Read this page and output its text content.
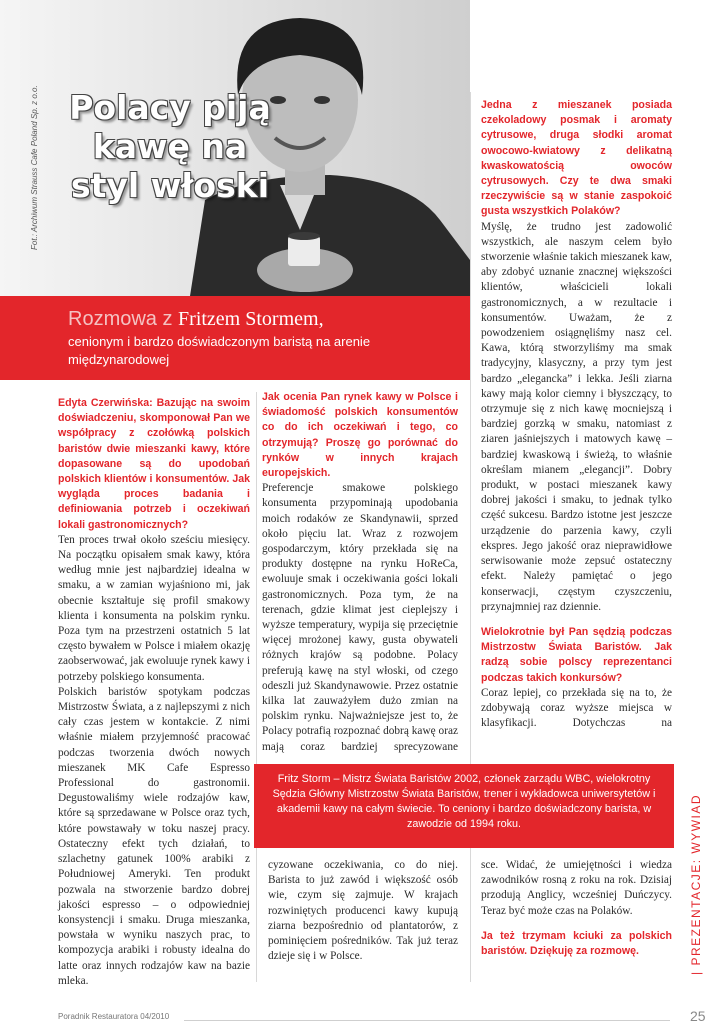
Fot.: Archiwum Strauss Cafe Poland Sp. z o.o. Polacy piją
kawę na
styl włoski
Rozmowa z Fritzem Stormem,
cenionym i bardzo doświadczonym baristą na arenie międzynarodowej

Edyta Czerwińska: Bazując na swoim doświadczeniu, skomponował Pan we współpracy z czołówką polskich baristów dwie mieszanki kawy, które dopasowane są do upodobań polskich klientów i konsumentów. Jak wygląda proces badania i definiowania potrzeb i oczekiwań lokali gastronomicznych?

Ten proces trwał około sześciu miesięcy. Na początku opisałem smak kawy, która według mnie jest najbardziej idealna w smaku, a w zamian wyjaśniono mi, jak obecnie kształtuje się profil smakowy klienta i konsumenta na polskim rynku. Poza tym na przestrzeni ostatnich 5 lat często bywałem w Polsce i miałem okazję zaobserwować, jak ewoluuje rynek kawy i potrzeby polskiego konsumenta.

Polskich baristów spotykam podczas Mistrzostw Świata, a z najlepszymi z nich cały czas jestem w kontakcie. Z nimi właśnie miałem przyjemność pracować podczas tworzenia dwóch nowych mieszanek MK Cafe Espresso Professional do gastronomii. Degustowaliśmy wiele rodzajów kaw, które są sprzedawane w Polsce oraz tych, które powstawały w toku naszej pracy. Ostateczny efekt tych działań, to szlachetny gatunek 100% arabiki z Południowej Ameryki. Ten produkt pozwala na stworzenie bardzo dobrej jakości espresso – o odpowiedniej konsystencji i smaku. Druga mieszanka, powstała w wyniku naszych prac, to kompozycja arabiki i robusty idealna do latte oraz innych rodzajów kaw na bazie mleka.

Jak ocenia Pan rynek kawy w Polsce i świadomość polskich konsumentów co do ich oczekiwań i tego, co otrzymują? Proszę go porównać do rynków w innych krajach europejskich.

Preferencje smakowe polskiego konsumenta przypominają upodobania moich rodaków ze Skandynawii, sprzed około pięciu lat. Wraz z rozwojem gospodarczym, który przekłada się na produkty dostępne na rynku HoReCa, ewoluuje smak i oczekiwania gości lokali gastronomicznych. Poza tym, że na terenach, gdzie klimat jest cieplejszy i wyższe temperatury, wypija się przeciętnie więcej mrożonej kawy, gusta obywateli różnych krajów są podobne. Polacy preferują kawę na styl włoski, od czego odeszli już Skandynawowie. Przez ostatnie kilka lat zauważyłem dużo zmian na polskim rynku. Najważniejsze jest to, że Polacy potrafią rozpoznać dobrą kawę oraz mają coraz bardziej sprecyzowane

Jedna z mieszanek posiada czekoladowy posmak i aromaty cytrusowe, druga słodki aromat owocowo-kwiatowy z delikatną kwaskowatością owoców cytrusowych. Czy te dwa smaki rzeczywiście są w stanie zaspokoić gusta wszystkich Polaków?

Myślę, że trudno jest zadowolić wszystkich, ale naszym celem było stworzenie właśnie takich mieszanek kaw, aby zdobyć uznanie znacznej większości klientów, właścicieli lokali gastronomicznych, a w rezultacie i konsumentów. Uważam, że z powodzeniem osiągnęliśmy nasz cel. Kawa, którą stworzyliśmy ma smak tradycyjny, klasyczny, a przy tym jest bardzo „elegancka” i lekka. Jeśli ziarna kawy mają kolor ciemny i błyszczący, to otrzymuje się z nich kawę mocniejszą i bardziej gorzką w smaku, natomiast z ziaren jaśniejszych i matowych kawę – bardziej kwaskową i świeżą, to właśnie określam mianem „elegancji”. Dobry produkt, w postaci mieszanek kawy dobrej jakości i smaku, to jednak tylko część sukcesu. Bardzo istotne jest jeszcze urządzenie do parzenia kawy, czyli ekspres. Jego jakość oraz nieprawidłowe serwisowanie może zepsuć ostateczny efekt. Należy pamiętać o jego konserwacji, częstym czyszczeniu, przynajmniej raz dziennie.

Wielokrotnie był Pan sędzią podczas Mistrzostw Świata Baristów. Jak radzą sobie polscy reprezentanci podczas takich konkursów?

Coraz lepiej, co przekłada się na to, że zdobywają coraz wyższe miejsca w klasyfikacji. Dotychczas na

Fritz Storm – Mistrz Świata Baristów 2002, członek zarządu WBC, wielokrotny Sędzia Główny Mistrzostw Świata Baristów, trener i wykładowca uniwersytetów i akademii kawy na całym świecie. To ceniony i bardzo doświadczony barista, w zawodzie od 1994 roku.

cyzowane oczekiwania, co do niej. Barista to już zawód i większość osób wie, czym się zajmuje. W krajach rozwiniętych producenci kawy kupują ziarna bezpośrednio od plantatorów, z pominięciem pośredników. Tak już teraz dzieje się i w Polsce.

sce. Widać, że umiejętności i wiedza zawodników rosną z roku na rok. Dzisiaj przodują Anglicy, wcześniej Duńczycy. Teraz być może czas na Polaków.

Ja też trzymam kciuki za polskich baristów. Dziękuję za rozmowę.	| PREZENTACJE: WYWIAD
Poradnik Restauratora 04/2010	25
